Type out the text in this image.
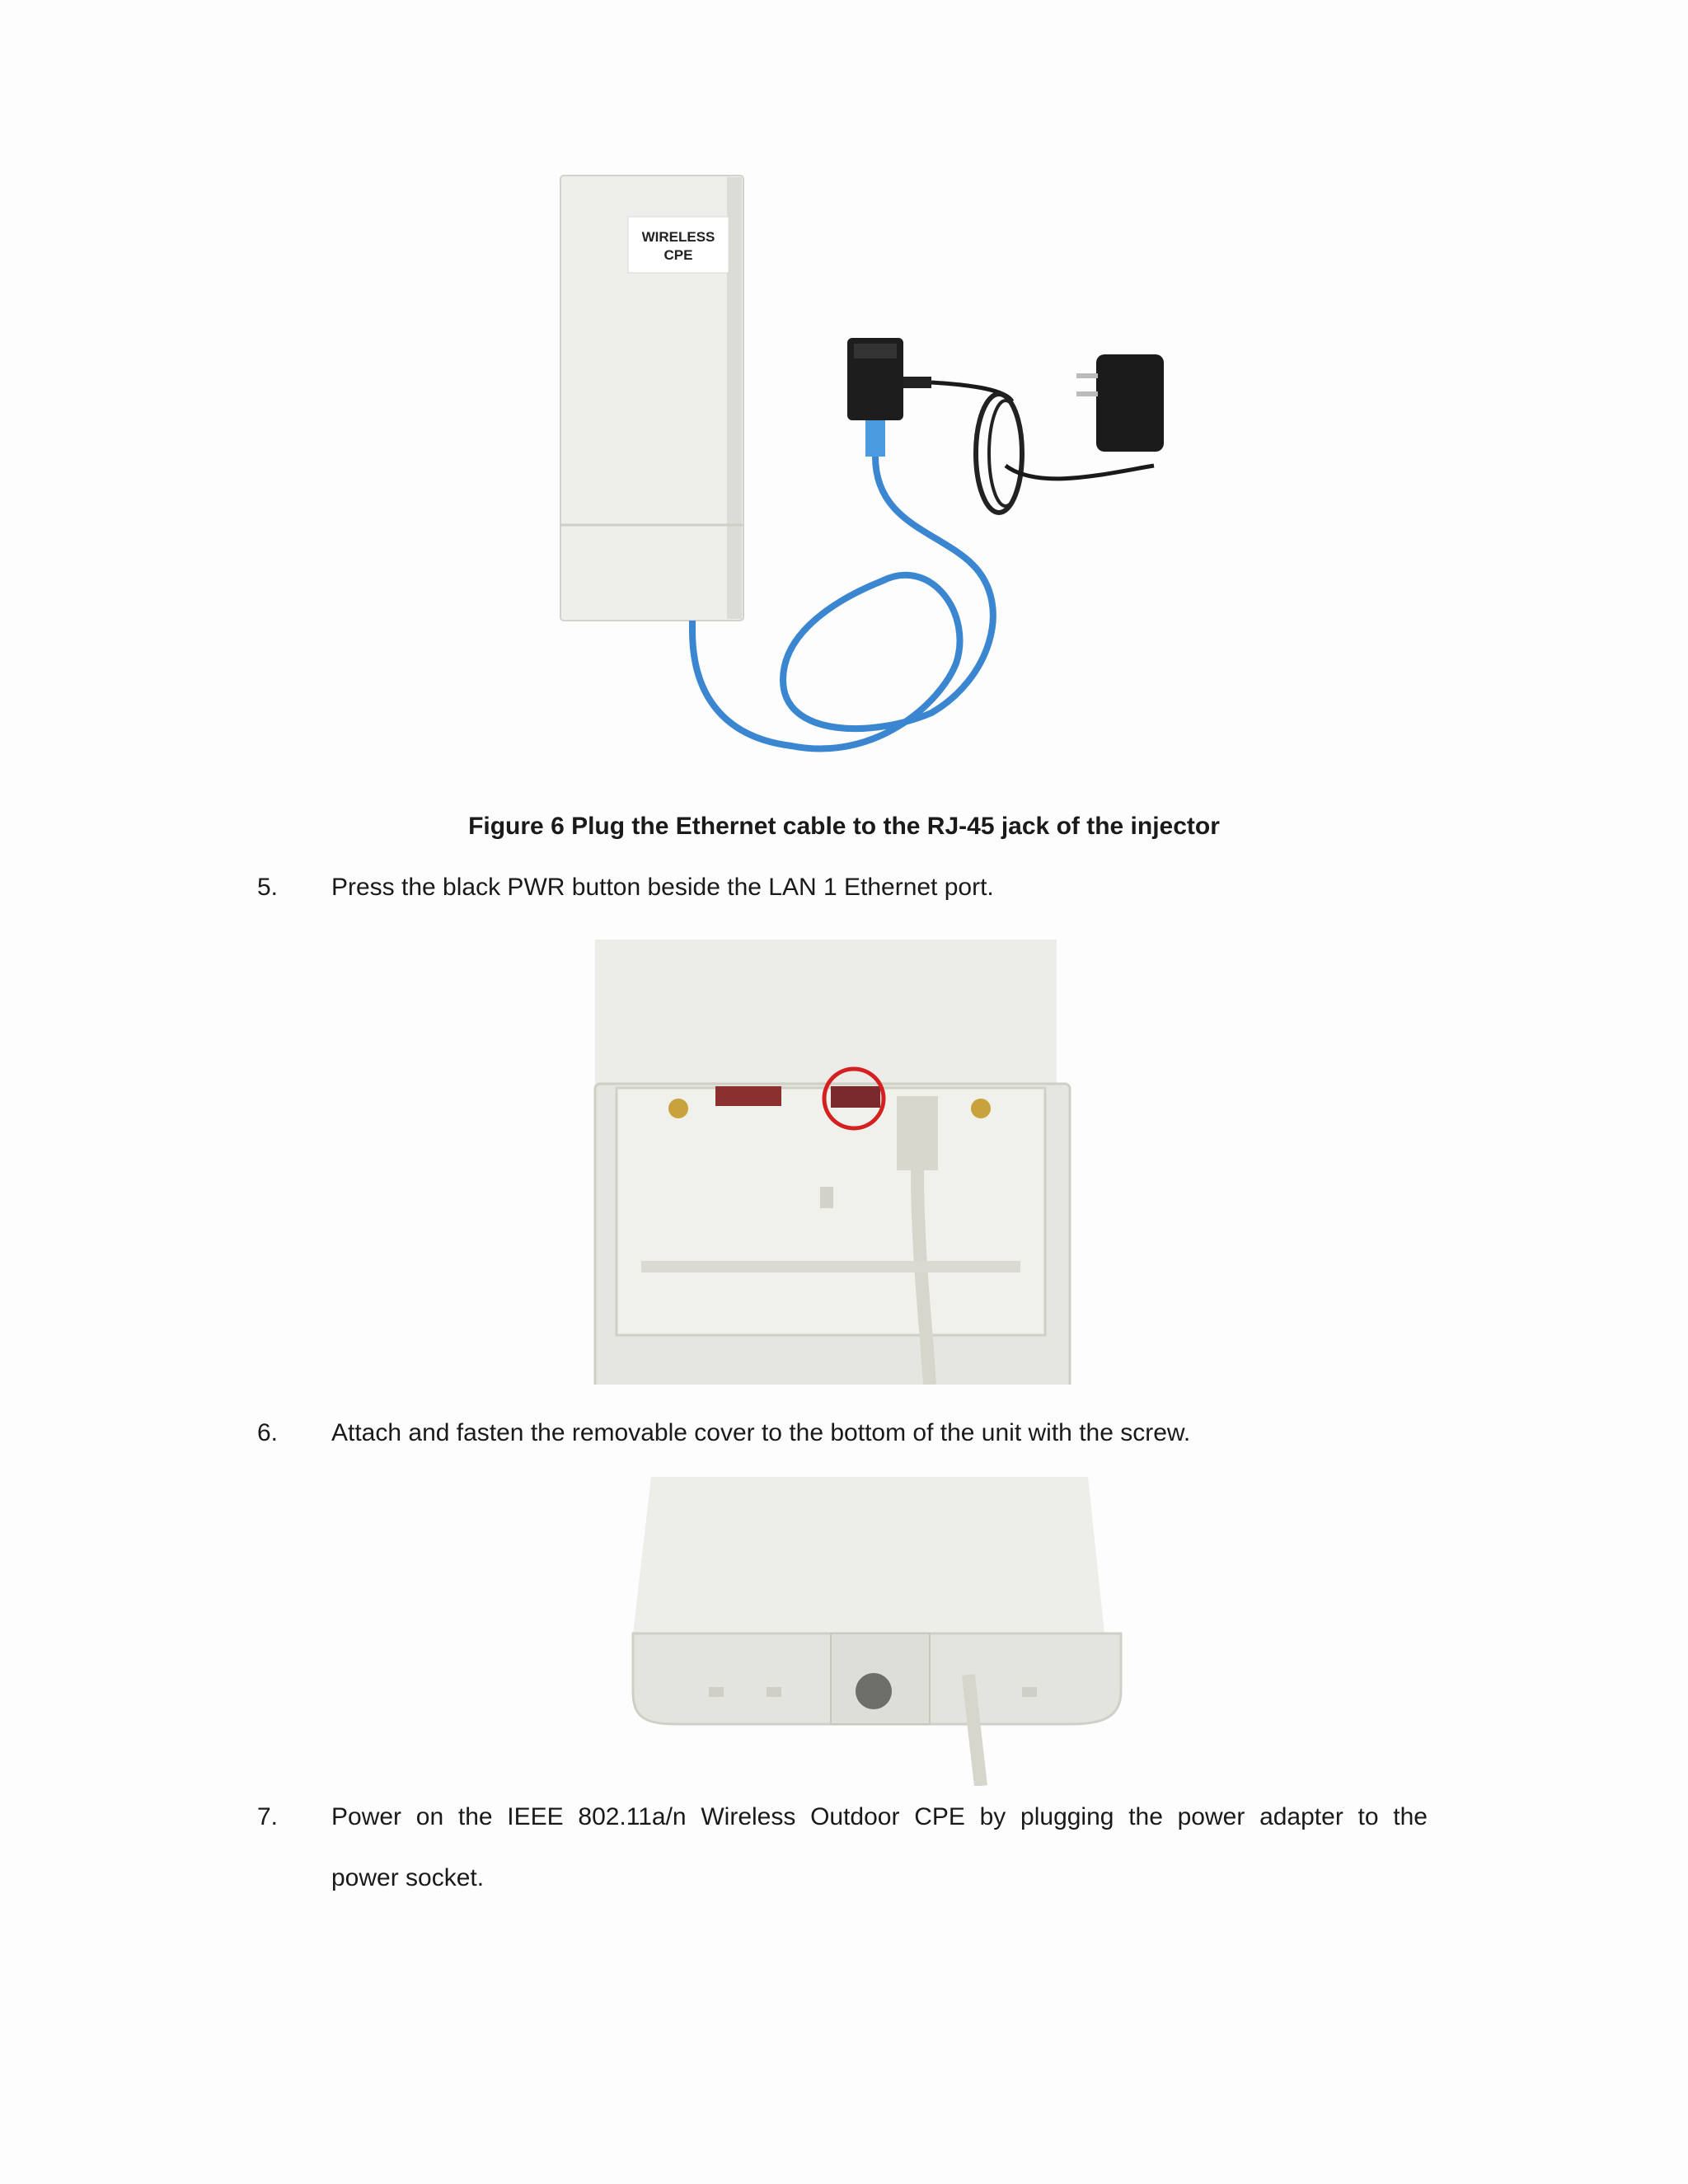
WIRELESS
CPE
Figure 6 Plug the Ethernet cable to the RJ-45 jack of the injector
5. Press the black PWR button beside the LAN 1 Ethernet port.
6. Attach and fasten the removable cover to the bottom of the unit with the screw.
7. Power on the IEEE 802.11a/n Wireless Outdoor CPE by plugging the power adapter to the
power socket.
